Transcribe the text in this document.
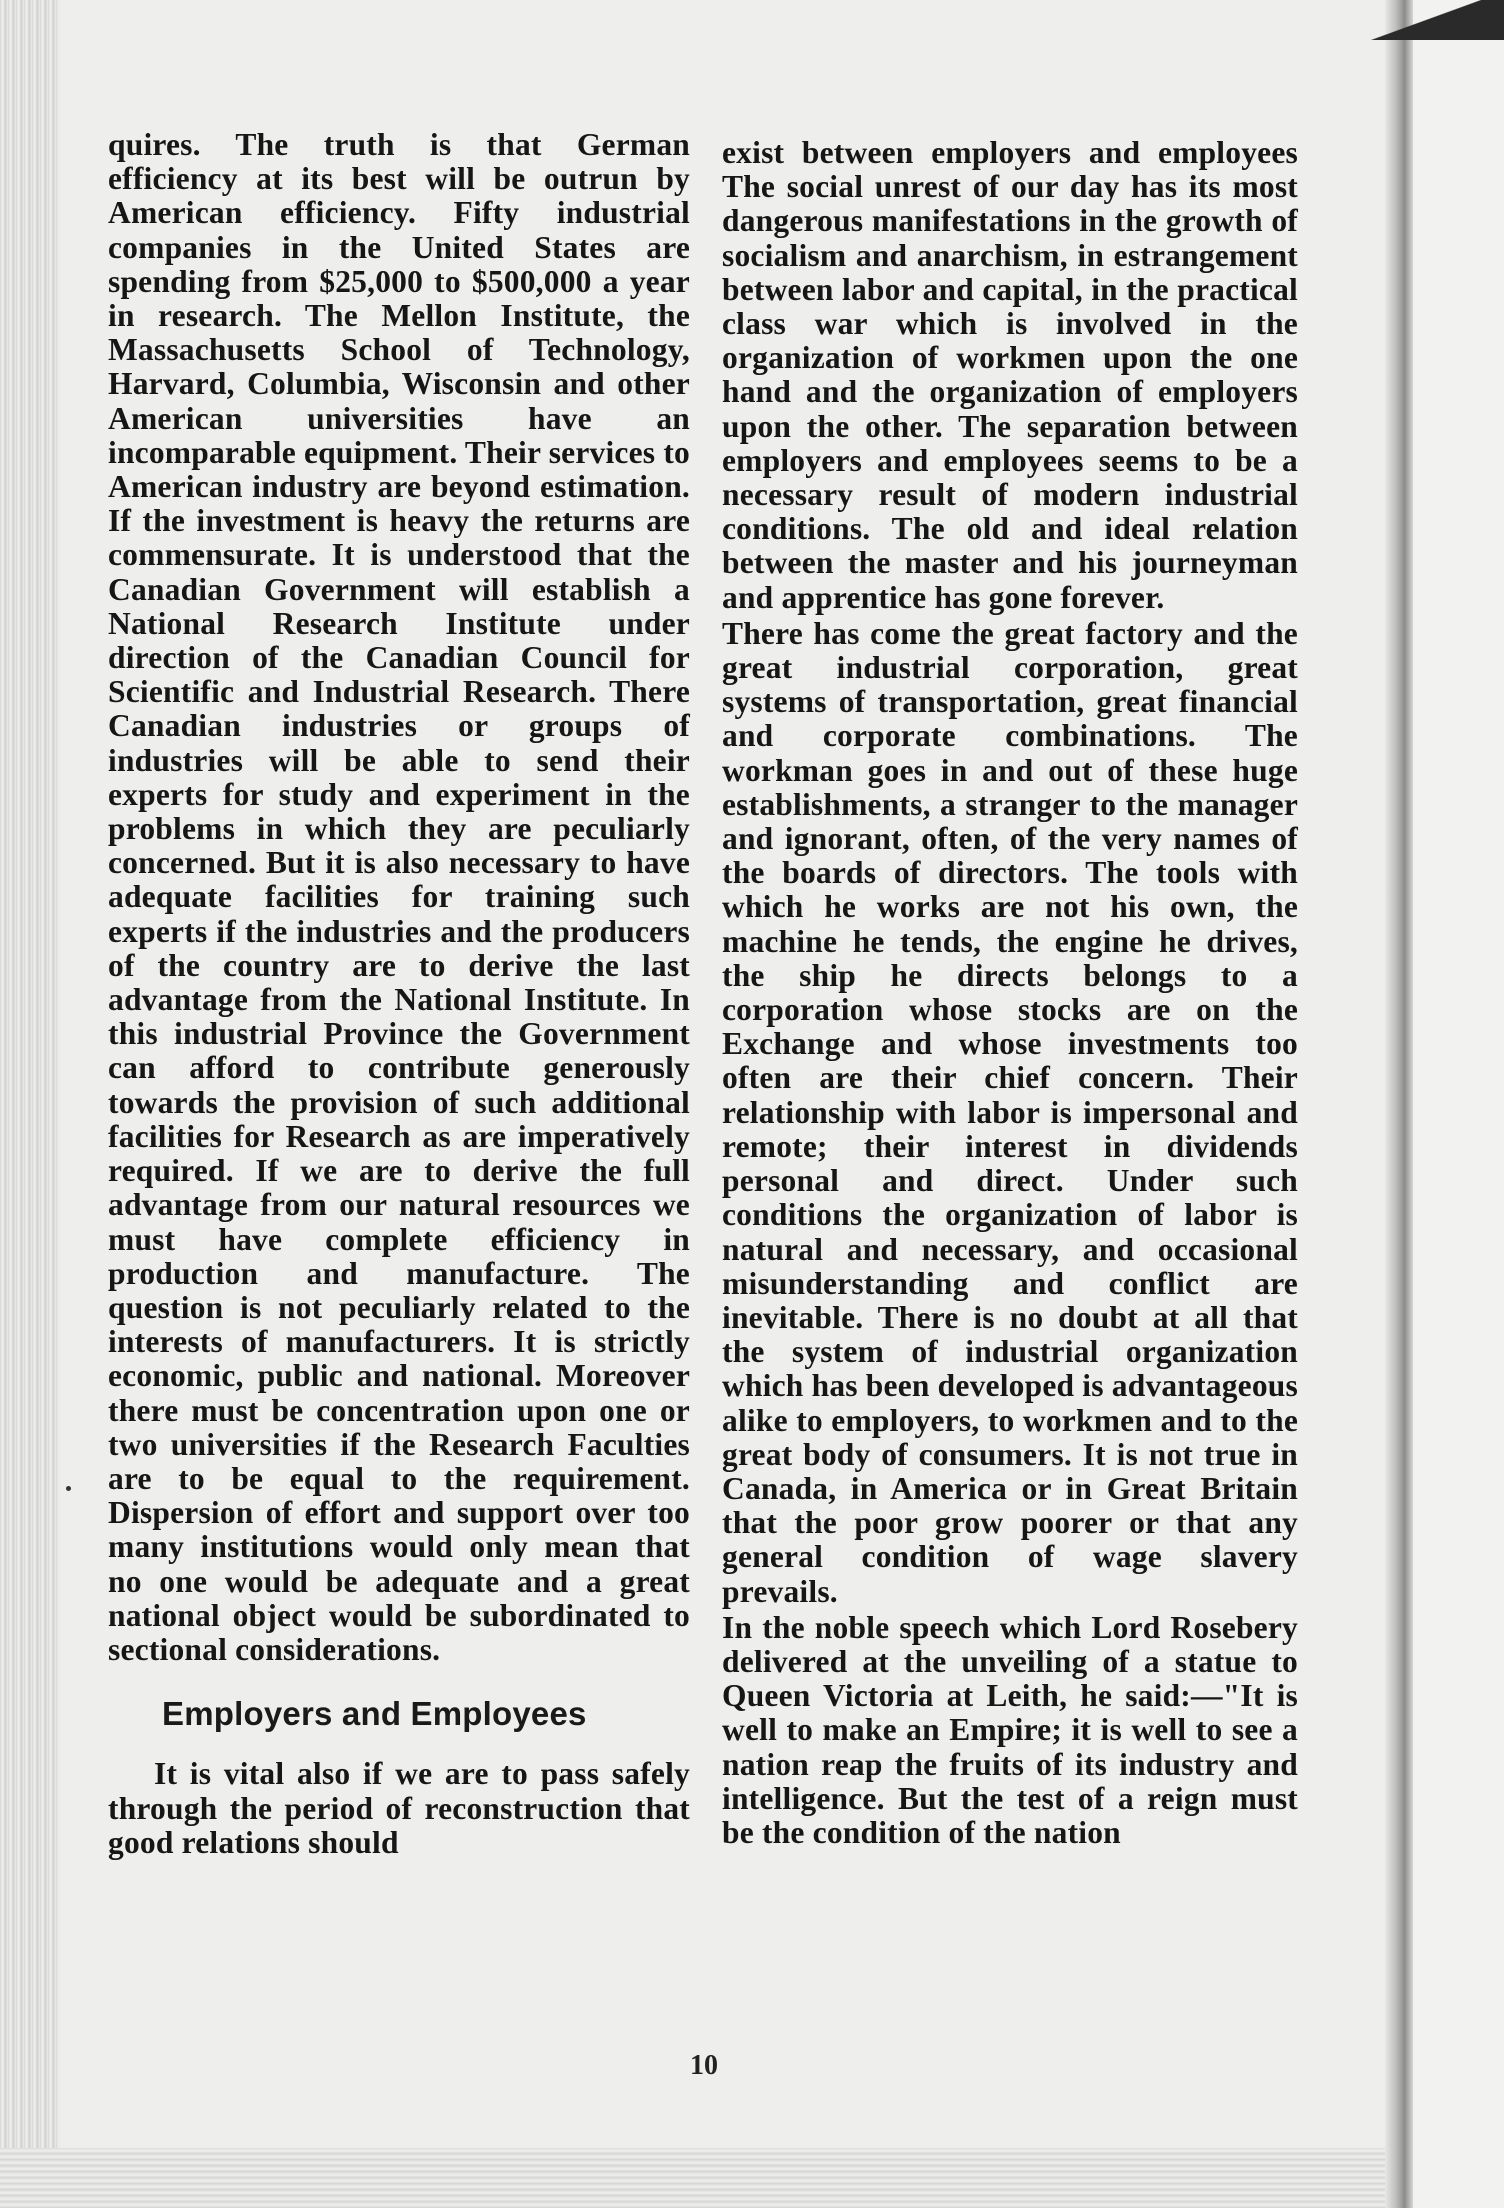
quires. The truth is that German efficiency at its best will be outrun by American efficiency. Fifty industrial companies in the United States are spending from $25,000 to $500,000 a year in research. The Mellon Institute, the Massachusetts School of Technology, Harvard, Columbia, Wisconsin and other American universities have an incomparable equipment. Their services to American industry are beyond estimation. If the investment is heavy the returns are commensurate. It is understood that the Canadian Government will establish a National Research Institute under direction of the Canadian Council for Scientific and Industrial Research. There Canadian industries or groups of industries will be able to send their experts for study and experiment in the problems in which they are peculiarly concerned. But it is also necessary to have adequate facilities for training such experts if the industries and the producers of the country are to derive the last advantage from the National Institute. In this industrial Province the Government can afford to contribute generously towards the provision of such additional facilities for Research as are imperatively required. If we are to derive the full advantage from our natural resources we must have complete efficiency in production and manufacture. The question is not peculiarly related to the interests of manufacturers. It is strictly economic, public and national. Moreover there must be concentration upon one or two universities if the Research Faculties are to be equal to the requirement. Dispersion of effort and support over too many institutions would only mean that no one would be adequate and a great national object would be subordinated to sectional considerations.

Employers and Employees

It is vital also if we are to pass safely through the period of reconstruction that good relations should

exist between employers and employees The social unrest of our day has its most dangerous manifestations in the growth of socialism and anarchism, in estrangement between labor and capital, in the practical class war which is involved in the organization of workmen upon the one hand and the organization of employers upon the other. The separation between employers and employees seems to be a necessary result of modern industrial conditions. The old and ideal relation between the master and his journeyman and apprentice has gone forever.

There has come the great factory and the great industrial corporation, great systems of transportation, great financial and corporate combinations. The workman goes in and out of these huge establishments, a stranger to the manager and ignorant, often, of the very names of the boards of directors. The tools with which he works are not his own, the machine he tends, the engine he drives, the ship he directs belongs to a corporation whose stocks are on the Exchange and whose investments too often are their chief concern. Their relationship with labor is impersonal and remote; their interest in dividends personal and direct. Under such conditions the organization of labor is natural and necessary, and occasional misunderstanding and conflict are inevitable. There is no doubt at all that the system of industrial organization which has been developed is advantageous alike to employers, to workmen and to the great body of consumers. It is not true in Canada, in America or in Great Britain that the poor grow poorer or that any general condition of wage slavery prevails.

In the noble speech which Lord Rosebery delivered at the unveiling of a statue to Queen Victoria at Leith, he said:—"It is well to make an Empire; it is well to see a nation reap the fruits of its industry and intelligence. But the test of a reign must be the condition of the nation

10
